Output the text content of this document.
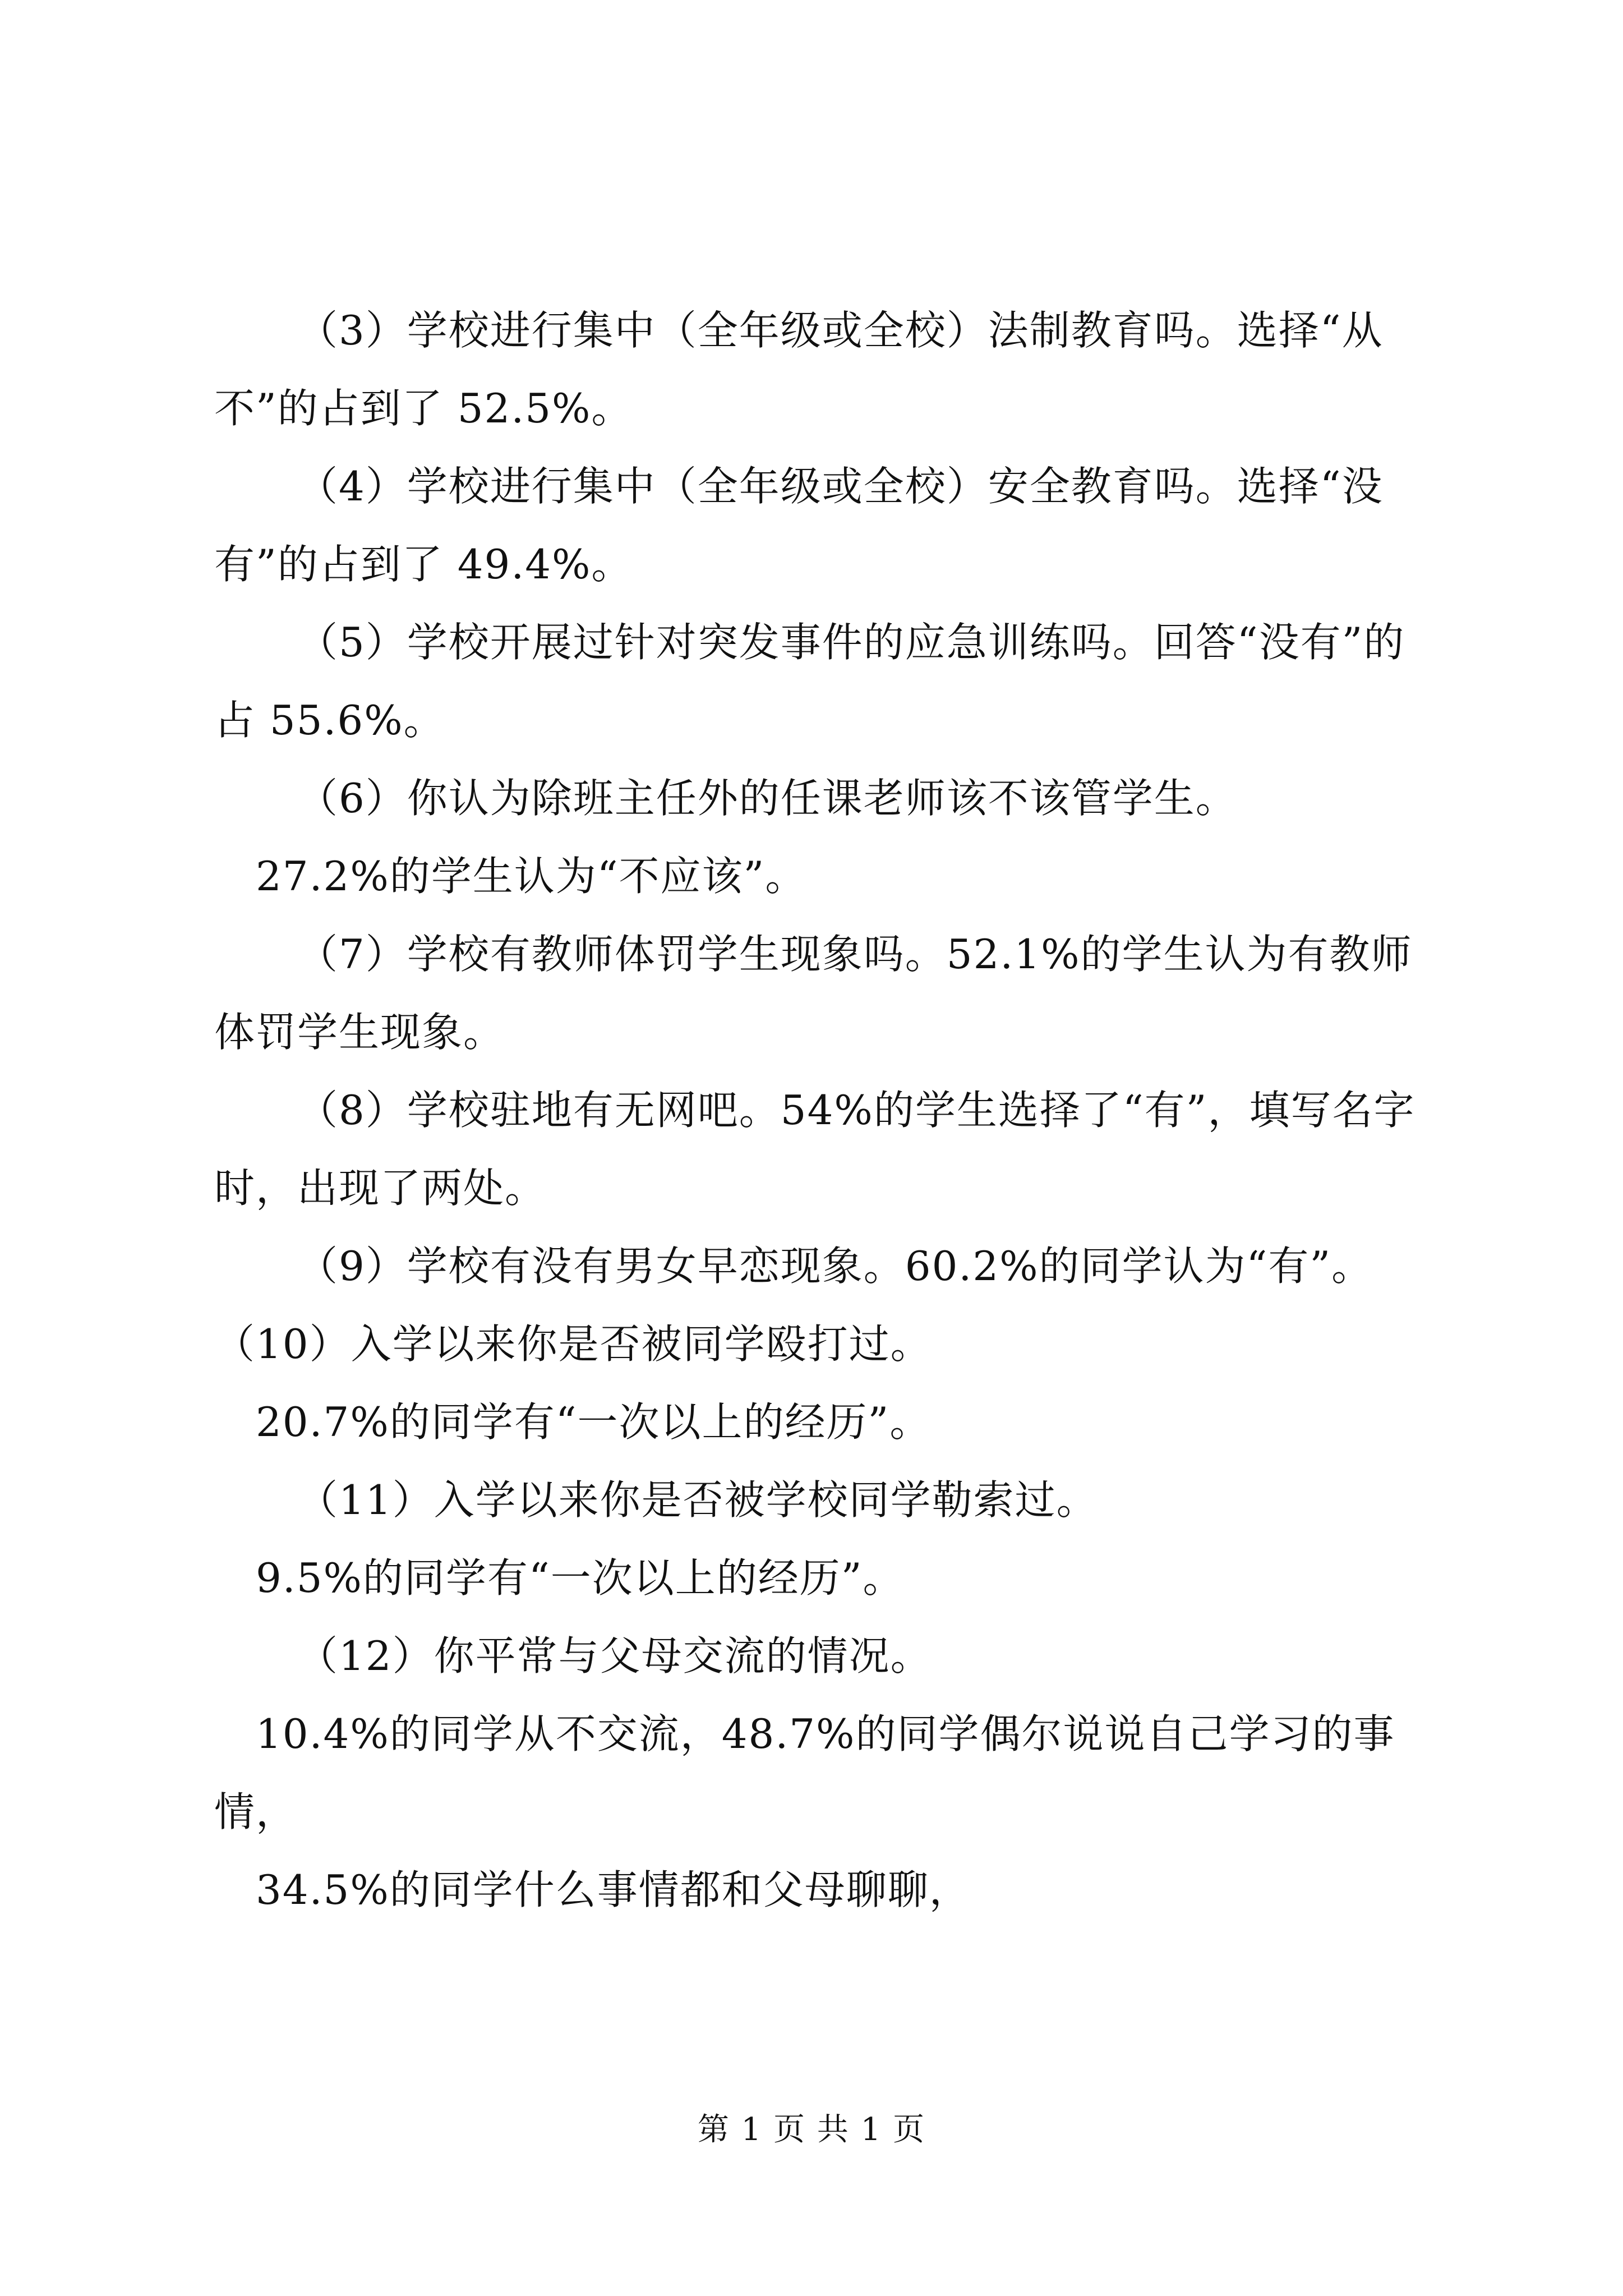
（3）学校进行集中（全年级或全校）法制教育吗。选择“从不”的占到了 52.5%。

（4）学校进行集中（全年级或全校）安全教育吗。选择“没有”的占到了 49.4%。

（5）学校开展过针对突发事件的应急训练吗。回答“没有”的占 55.6%。

（6）你认为除班主任外的任课老师该不该管学生。

27.2%的学生认为“不应该”。

（7）学校有教师体罚学生现象吗。52.1%的学生认为有教师体罚学生现象。

（8）学校驻地有无网吧。54%的学生选择了“有”，填写名字时，出现了两处。

（9）学校有没有男女早恋现象。60.2%的同学认为“有”。

（10）入学以来你是否被同学殴打过。

20.7%的同学有“一次以上的经历”。

（11）入学以来你是否被学校同学勒索过。

9.5%的同学有“一次以上的经历”。

（12）你平常与父母交流的情况。

10.4%的同学从不交流，48.7%的同学偶尔说说自己学习的事情，

34.5%的同学什么事情都和父母聊聊，

第 1 页 共 1 页
